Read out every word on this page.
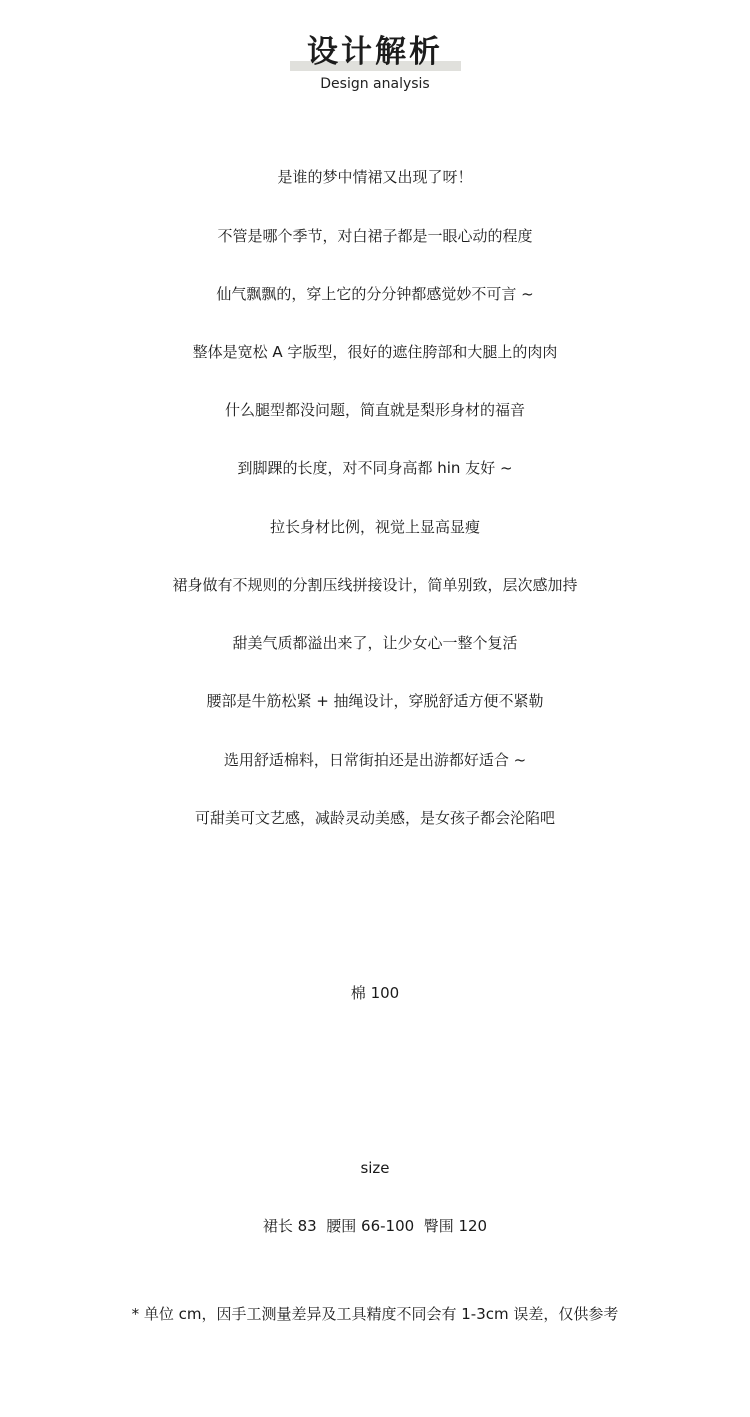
设计解析
Design analysis
是谁的梦中情裙又出现了呀！
不管是哪个季节，对白裙子都是一眼心动的程度
仙气飘飘的，穿上它的分分钟都感觉妙不可言 ~
整体是宽松 A 字版型，很好的遮住胯部和大腿上的肉肉
什么腿型都没问题，简直就是梨形身材的福音
到脚踝的长度，对不同身高都 hin 友好 ~
拉长身材比例，视觉上显高显瘦
裙身做有不规则的分割压线拼接设计，简单别致，层次感加持
甜美气质都溢出来了，让少女心一整个复活
腰部是牛筋松紧 + 抽绳设计，穿脱舒适方便不紧勒
选用舒适棉料，日常街拍还是出游都好适合 ~
可甜美可文艺感，减龄灵动美感，是女孩子都会沦陷吧
棉 100
size
裙长 83  腰围 66-100  臀围 120
* 单位 cm，因手工测量差异及工具精度不同会有 1-3cm 误差，仅供参考
